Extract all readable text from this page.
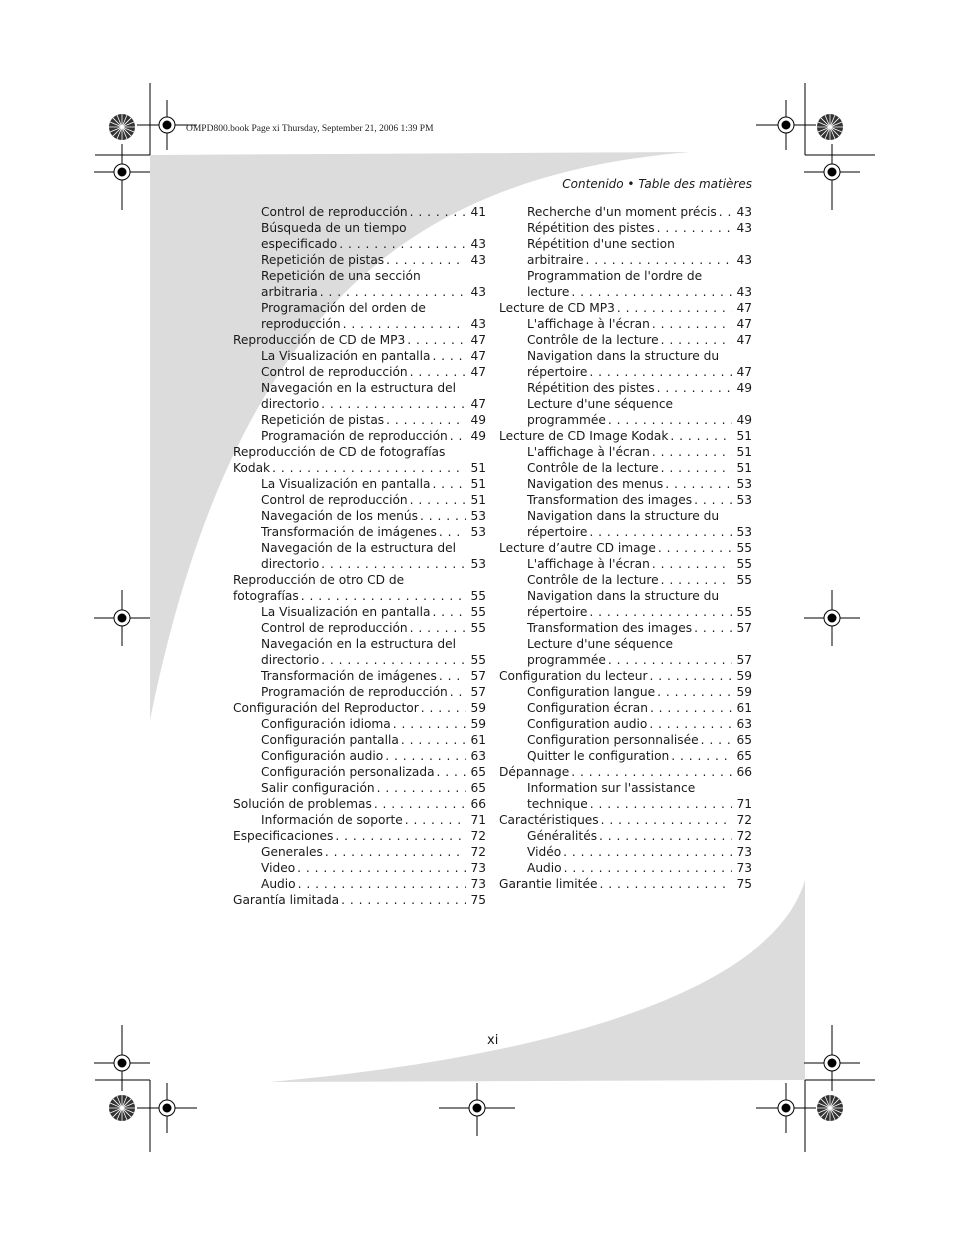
OMPD800.book Page xi Thursday, September 21, 2006 1:39 PM
Contenido • Table des matières
Control de reproducción . . .	41
Búsqueda de un tiempo
especificado . . .	43
Repetición de pistas . . .	43
Repetición de una sección
arbitraria . . .	43
Programación del orden de
reproducción . . .	43
Reproducción de CD de MP3 . . .	47
La Visualización en pantalla . . .	47
Control de reproducción . . .	47
Navegación en la estructura del
directorio . . .	47
Repetición de pistas . . .	49
Programación de reproducción . . .	49
Reproducción de CD de fotografías
Kodak . . .	51
La Visualización en pantalla . . .	51
Control de reproducción . . .	51
Navegación de los menús . . .	53
Transformación de imágenes . . .	53
Navegación de la estructura del
directorio . . .	53
Reproducción de otro CD de
fotografías . . .	55
La Visualización en pantalla . . .	55
Control de reproducción . . .	55
Navegación en la estructura del
directorio . . .	55
Transformación de imágenes . . .	57
Programación de reproducción . . .	57
Configuración del Reproductor . . .	59
Configuración idioma . . .	59
Configuración pantalla . . .	61
Configuración audio . . .	63
Configuración personalizada . . .	65
Salir configuración . . .	65
Solución de problemas . . .	66
Información de soporte . . .	71
Especificaciones . . .	72
Generales . . .	72
Video . . .	73
Audio . . .	73
Garantía limitada . . .	75
Recherche d'un moment précis . . .	43
Répétition des pistes . . .	43
Répétition d'une section
arbitraire . . .	43
Programmation de l'ordre de
lecture . . .	43
Lecture de CD MP3 . . .	47
L'affichage à l'écran . . .	47
Contrôle de la lecture . . .	47
Navigation dans la structure du
répertoire . . .	47
Répétition des pistes . . .	49
Lecture d'une séquence
programmée . . .	49
Lecture de CD Image Kodak . . .	51
L'affichage à l'écran . . .	51
Contrôle de la lecture . . .	51
Navigation des menus . . .	53
Transformation des images . . .	53
Navigation dans la structure du
répertoire . . .	53
Lecture d’autre CD image . . .	55
L'affichage à l'écran . . .	55
Contrôle de la lecture . . .	55
Navigation dans la structure du
répertoire . . .	55
Transformation des images . . .	57
Lecture d'une séquence
programmée . . .	57
Configuration du lecteur . . .	59
Configuration langue . . .	59
Configuration écran . . .	61
Configuration audio . . .	63
Configuration personnalisée . . .	65
Quitter le configuration . . .	65
Dépannage . . .	66
Information sur l'assistance
technique . . .	71
Caractéristiques . . .	72
Généralités . . .	72
Vidéo . . .	73
Audio . . .	73
Garantie limitée . . .	75
xi
